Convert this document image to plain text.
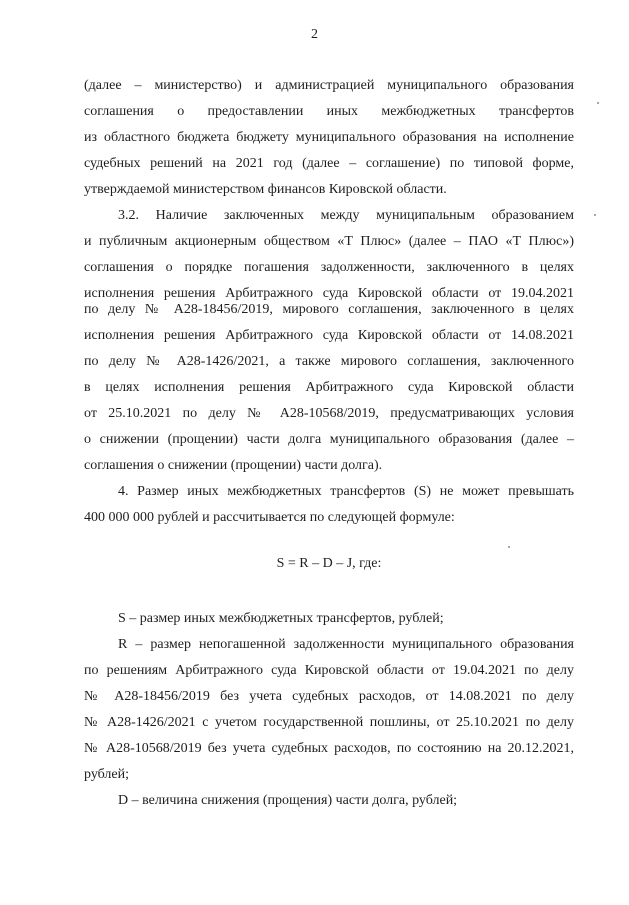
2
(далее – министерство) и администрацией муниципального образования
соглашения о предоставлении иных межбюджетных трансфертов
из областного бюджета бюджету муниципального образования на исполнение
судебных решений на 2021 год (далее – соглашение) по типовой форме,
утверждаемой министерством финансов Кировской области.
3.2. Наличие заключенных между муниципальным образованием
и публичным акционерным обществом «Т Плюс» (далее – ПАО «Т Плюс»)
соглашения о порядке погашения задолженности, заключенного в целях
исполнения решения Арбитражного суда Кировской области от 19.04.2021
по делу № А28-18456/2019, мирового соглашения, заключенного в целях
исполнения решения Арбитражного суда Кировской области от 14.08.2021
по делу № А28-1426/2021, а также мирового соглашения, заключенного
в целях исполнения решения Арбитражного суда Кировской области
от 25.10.2021 по делу № А28-10568/2019, предусматривающих условия
о снижении (прощении) части долга муниципального образования (далее –
соглашения о снижении (прощении) части долга).
4. Размер иных межбюджетных трансфертов (S) не может превышать
400 000 000 рублей и рассчитывается по следующей формуле:
S = R – D – J, где:
S – размер иных межбюджетных трансфертов, рублей;
R – размер непогашенной задолженности муниципального образования
по решениям Арбитражного суда Кировской области от 19.04.2021 по делу
№ А28-18456/2019 без учета судебных расходов, от 14.08.2021 по делу
№ А28-1426/2021 с учетом государственной пошлины, от 25.10.2021 по делу
№ А28-10568/2019 без учета судебных расходов, по состоянию на 20.12.2021,
рублей;
D – величина снижения (прощения) части долга, рублей;
